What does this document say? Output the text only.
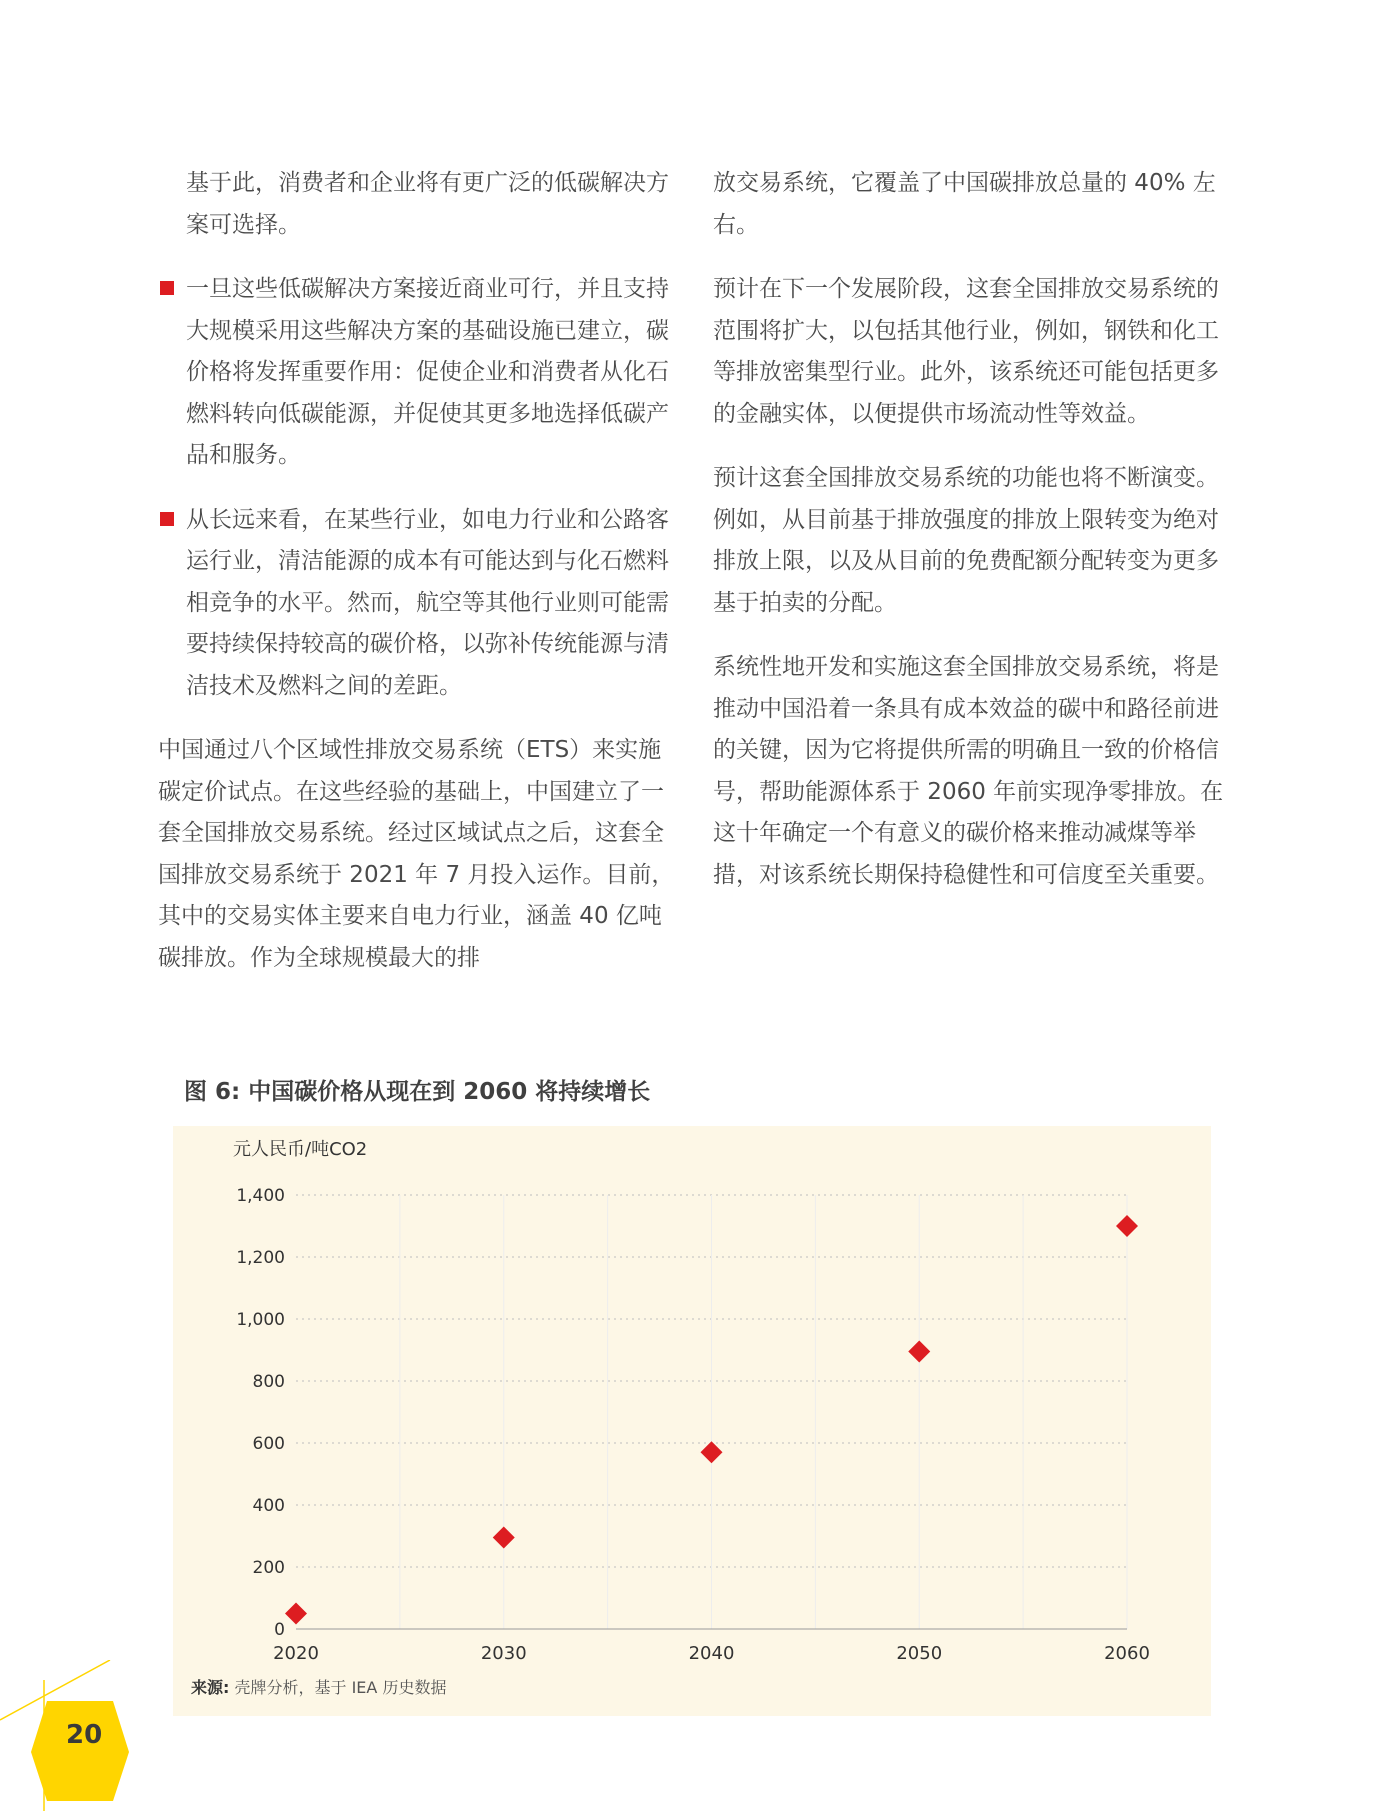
基于此，消费者和企业将有更广泛的低碳解决方案可选择。

一旦这些低碳解决方案接近商业可行，并且支持大规模采用这些解决方案的基础设施已建立，碳价格将发挥重要作用：促使企业和消费者从化石燃料转向低碳能源，并促使其更多地选择低碳产品和服务。

从长远来看，在某些行业，如电力行业和公路客运行业，清洁能源的成本有可能达到与化石燃料相竞争的水平。然而，航空等其他行业则可能需要持续保持较高的碳价格，以弥补传统能源与清洁技术及燃料之间的差距。

中国通过八个区域性排放交易系统（ETS）来实施碳定价试点。在这些经验的基础上，中国建立了一套全国排放交易系统。经过区域试点之后，这套全国排放交易系统于 2021 年 7 月投入运作。目前，其中的交易实体主要来自电力行业，涵盖 40 亿吨碳排放。作为全球规模最大的排

放交易系统，它覆盖了中国碳排放总量的 40% 左右。

预计在下一个发展阶段，这套全国排放交易系统的范围将扩大，以包括其他行业，例如，钢铁和化工等排放密集型行业。此外，该系统还可能包括更多的金融实体，以便提供市场流动性等效益。

预计这套全国排放交易系统的功能也将不断演变。例如，从目前基于排放强度的排放上限转变为绝对排放上限，以及从目前的免费配额分配转变为更多基于拍卖的分配。

系统性地开发和实施这套全国排放交易系统，将是推动中国沿着一条具有成本效益的碳中和路径前进的关键，因为它将提供所需的明确且一致的价格信号，帮助能源体系于 2060 年前实现净零排放。在这十年确定一个有意义的碳价格来推动减煤等举措，对该系统长期保持稳健性和可信度至关重要。

图 6: 中国碳价格从现在到 2060 将持续增长
元人民币/吨CO2
0
200
400
600
800
1,000
1,200
1,400
2020	2030	2040	2050	2060
来源: 壳牌分析，基于 IEA 历史数据
20
